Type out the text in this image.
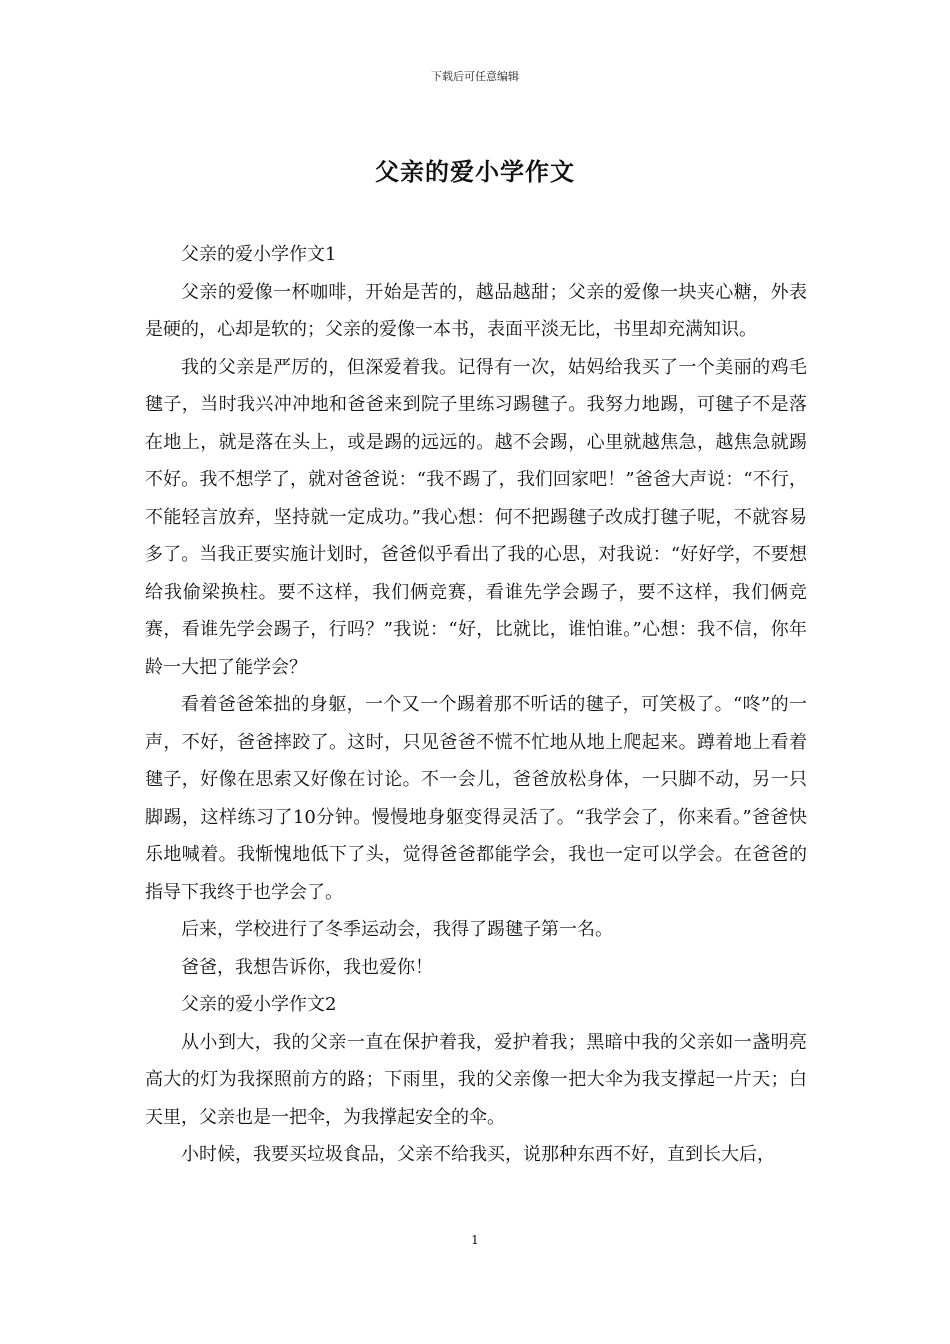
下载后可任意编辑
父亲的爱小学作文

父亲的爱小学作文1

父亲的爱像一杯咖啡，开始是苦的，越品越甜；父亲的爱像一块夹心糖，外表是硬的，心却是软的；父亲的爱像一本书，表面平淡无比，书里却充满知识。

我的父亲是严厉的，但深爱着我。记得有一次，姑妈给我买了一个美丽的鸡毛毽子，当时我兴冲冲地和爸爸来到院子里练习踢毽子。我努力地踢，可毽子不是落在地上，就是落在头上，或是踢的远远的。越不会踢，心里就越焦急，越焦急就踢不好。我不想学了，就对爸爸说：“我不踢了，我们回家吧！”爸爸大声说：“不行，不能轻言放弃，坚持就一定成功。”我心想：何不把踢毽子改成打毽子呢，不就容易多了。当我正要实施计划时，爸爸似乎看出了我的心思，对我说：“好好学，不要想给我偷梁换柱。要不这样，我们俩竞赛，看谁先学会踢子，要不这样，我们俩竞赛，看谁先学会踢子，行吗？”我说：“好，比就比，谁怕谁。”心想：我不信，你年龄一大把了能学会？

看着爸爸笨拙的身躯，一个又一个踢着那不听话的毽子，可笑极了。“咚”的一声，不好，爸爸摔跤了。这时，只见爸爸不慌不忙地从地上爬起来。蹲着地上看着毽子，好像在思索又好像在讨论。不一会儿，爸爸放松身体，一只脚不动，另一只脚踢，这样练习了10分钟。慢慢地身躯变得灵活了。“我学会了，你来看。”爸爸快乐地喊着。我惭愧地低下了头，觉得爸爸都能学会，我也一定可以学会。在爸爸的指导下我终于也学会了。

后来，学校进行了冬季运动会，我得了踢毽子第一名。

爸爸，我想告诉你，我也爱你！

父亲的爱小学作文2

从小到大，我的父亲一直在保护着我，爱护着我；黑暗中我的父亲如一盏明亮高大的灯为我探照前方的路；下雨里，我的父亲像一把大伞为我支撑起一片天；白天里，父亲也是一把伞，为我撑起安全的伞。

小时候，我要买垃圾食品，父亲不给我买，说那种东西不好，直到长大后，

1
